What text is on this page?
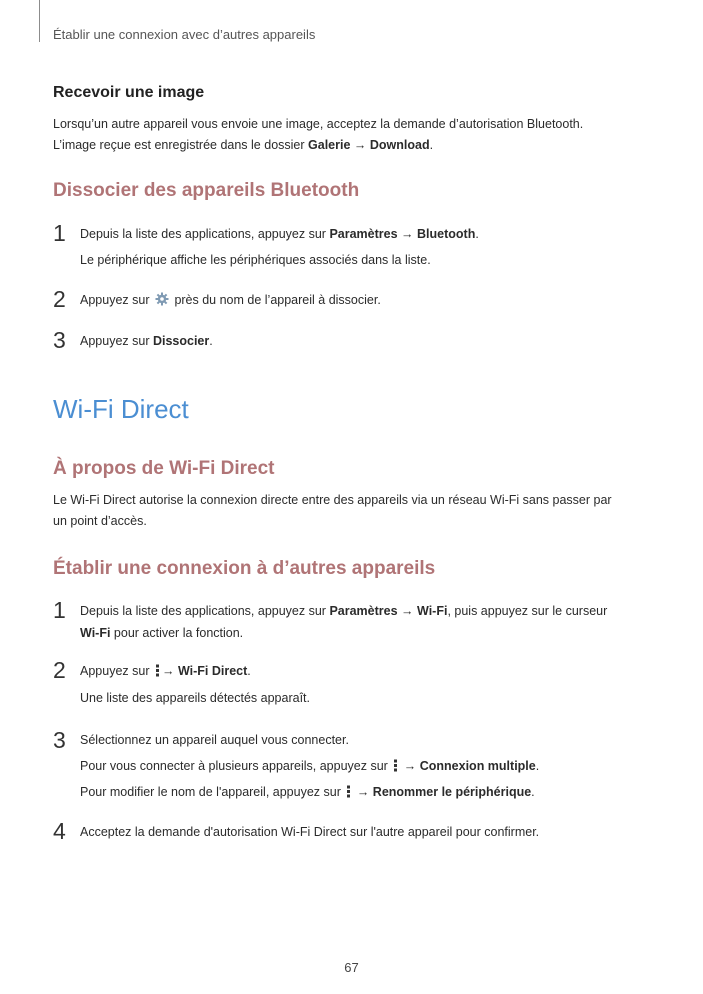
Établir une connexion avec d’autres appareils
Recevoir une image
Lorsqu’un autre appareil vous envoie une image, acceptez la demande d’autorisation Bluetooth.
L’image reçue est enregistrée dans le dossier Galerie → Download.
Dissocier des appareils Bluetooth
1 Depuis la liste des applications, appuyez sur Paramètres → Bluetooth.
Le périphérique affiche les périphériques associés dans la liste.
2 Appuyez sur  près du nom de l’appareil à dissocier.
3 Appuyez sur Dissocier.
Wi-Fi Direct
À propos de Wi-Fi Direct
Le Wi-Fi Direct autorise la connexion directe entre des appareils via un réseau Wi-Fi sans passer par
un point d’accès.
Établir une connexion à d’autres appareils
1 Depuis la liste des applications, appuyez sur Paramètres → Wi-Fi, puis appuyez sur le curseur
Wi-Fi pour activer la fonction.
2 Appuyez sur → Wi-Fi Direct.
Une liste des appareils détectés apparaît.
3 Sélectionnez un appareil auquel vous connecter.
Pour vous connecter à plusieurs appareils, appuyez sur  → Connexion multiple.
Pour modifier le nom de l'appareil, appuyez sur  → Renommer le périphérique.
4 Acceptez la demande d'autorisation Wi-Fi Direct sur l'autre appareil pour confirmer.
67
